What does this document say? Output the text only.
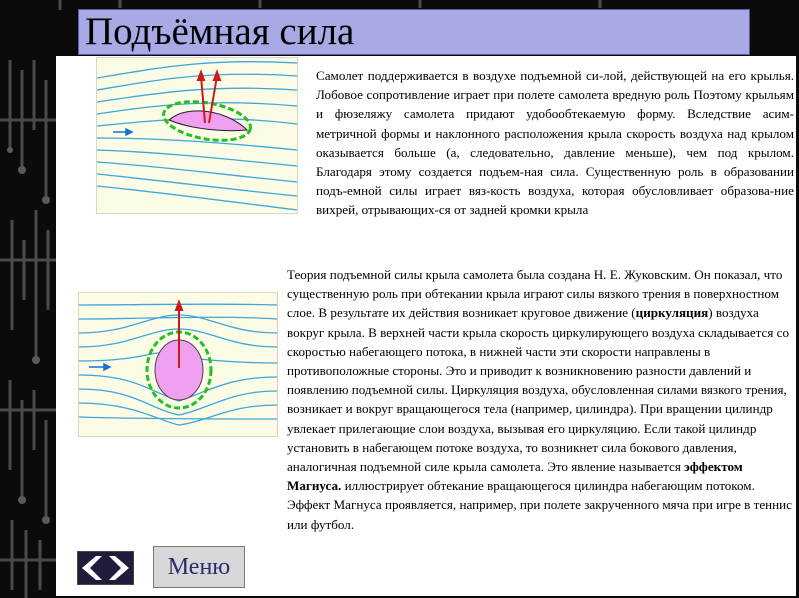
Подъёмная сила
Самолет поддерживается в воздухе подъемной си-лой, действующей на его крылья. Лобовое сопротивление играет при полете самолета вредную роль Поэтому крыльям и фюзеляжу самолета придают удобообтекаемую форму. Вследствие асим-метричной формы и наклонного расположения крыла скорость воздуха над крылом оказывается больше (а, следовательно, давление меньше), чем под крылом. Благодаря этому создается подъем-ная сила. Существенную роль в образовании подъ-емной силы играет вяз-кость воздуха, которая обусловливает образова-ние вихрей, отрывающих-ся от задней кромки крыла
Теория подъемной силы крыла самолета была создана Н. Е. Жуковским. Он показал, что существенную роль при обтекании крыла играют силы вязкого трения в поверхностном слое. В результате их действия возникает круговое движение (циркуляция) воздуха вокруг крыла. В верхней части крыла скорость циркулирующего воздуха складывается со скоростью набегающего потока, в нижней части эти скорости направлены в противоположные стороны. Это и приводит к возникновению разности давлений и появлению подъемной силы. Циркуляция воздуха, обусловленная силами вязкого трения, возникает и вокруг вращающегося тела (например, цилиндра). При вращении цилиндр увлекает прилегающие слои воздуха, вызывая его циркуляцию. Если такой цилиндр установить в набегающем потоке воздуха, то возникнет сила бокового давления, аналогичная подъемной силе крыла самолета. Это явление называется эффектом Магнуса. иллюстрирует обтекание вращающегося цилиндра набегающим потоком. Эффект Магнуса проявляется, например, при полете закрученного мяча при игре в теннис или футбол.
Меню
